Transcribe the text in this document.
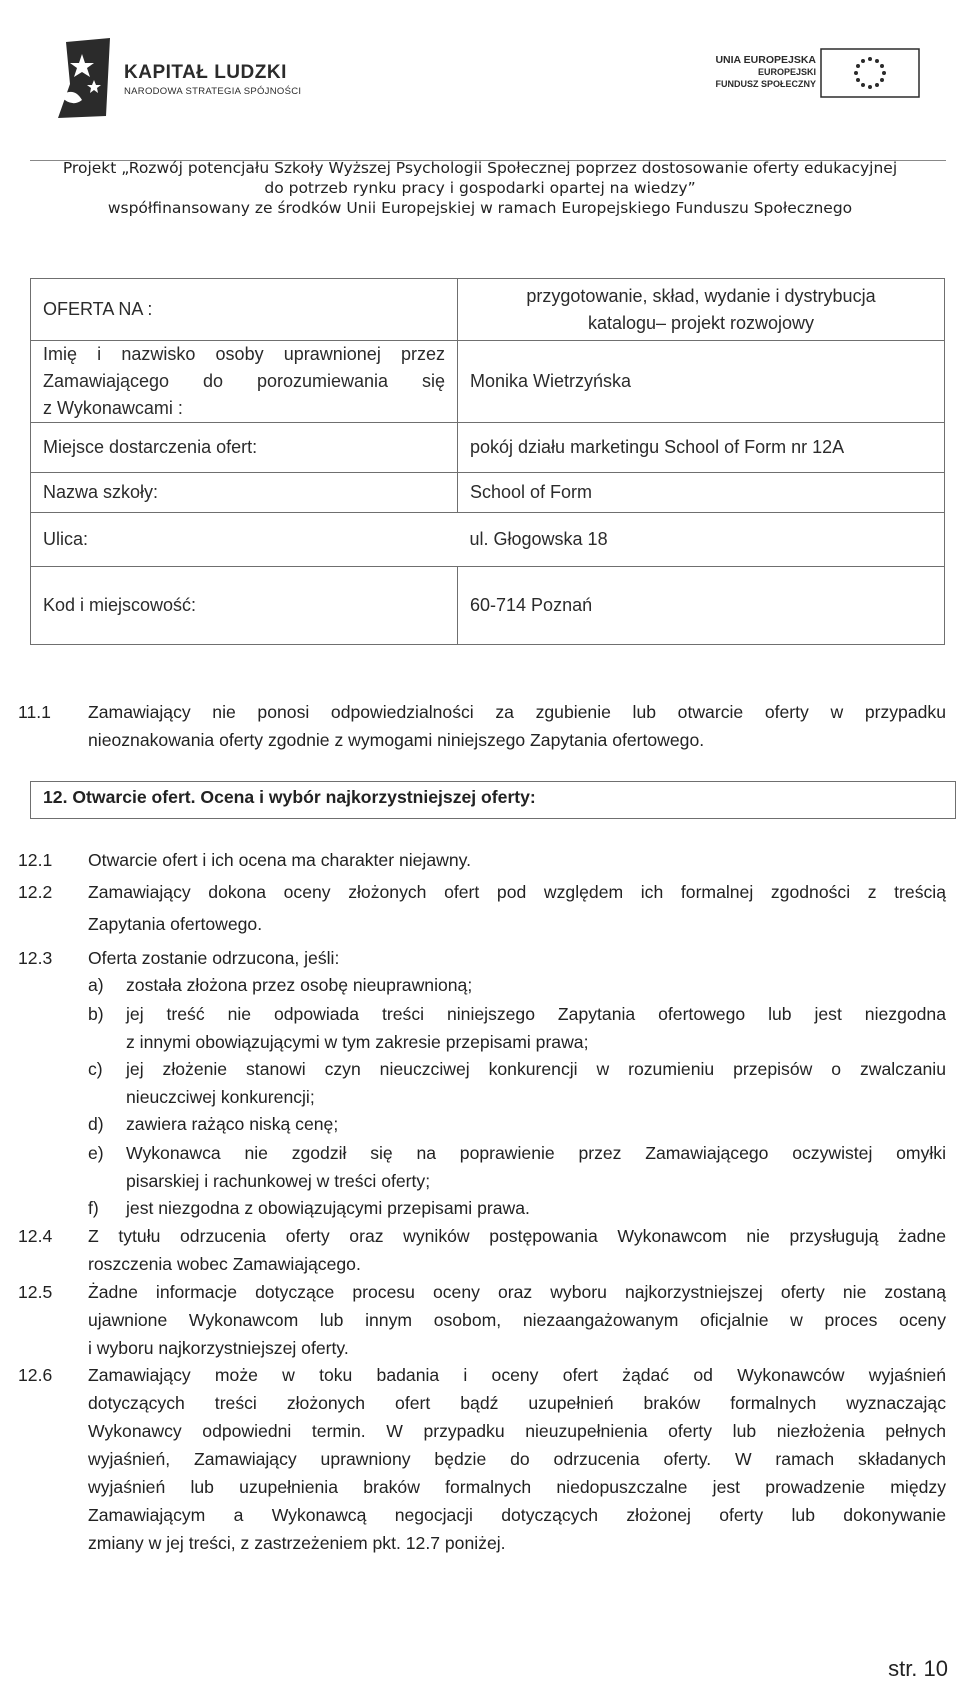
KAPITAŁ LUDZKI
NARODOWA STRATEGIA SPÓJNOŚCI
UNIA EUROPEJSKA
EUROPEJSKI
FUNDUSZ SPOŁECZNY
Projekt „Rozwój potencjału Szkoły Wyższej Psychologii Społecznej poprzez dostosowanie oferty edukacyjnej
do potrzeb rynku pracy i gospodarki opartej na wiedzy”
współfinansowany ze środków Unii Europejskiej w ramach Europejskiego Funduszu Społecznego
OFERTA NA :	przygotowanie, skład, wydanie i dystrybucja
katalogu– projekt rozwojowy

Imię i nazwisko osoby uprawnionej przez
Zamawiającego do porozumiewania się
z Wykonawcami :	Monika Wietrzyńska
Miejsce dostarczenia ofert:	pokój działu marketingu School of Form nr 12A
Nazwa szkoły:	School of Form
Ulica:	ul. Głogowska 18
Kod i miejscowość:	60-714 Poznań
11.1 Zamawiający nie ponosi odpowiedzialności za zgubienie lub otwarcie oferty w przypadku
nieoznakowania oferty zgodnie z wymogami niniejszego Zapytania ofertowego.
12. Otwarcie ofert. Ocena i wybór najkorzystniejszej oferty:
12.1 Otwarcie ofert i ich ocena ma charakter niejawny.
12.2 Zamawiający dokona oceny złożonych ofert pod względem ich formalnej zgodności z treścią
Zapytania ofertowego.
12.3 Oferta zostanie odrzucona, jeśli:
a) została złożona przez osobę nieuprawnioną;
b) jej treść nie odpowiada treści niniejszego Zapytania ofertowego lub jest niezgodna
z innymi obowiązującymi w tym zakresie przepisami prawa;
c) jej złożenie stanowi czyn nieuczciwej konkurencji w rozumieniu przepisów o zwalczaniu
nieuczciwej konkurencji;
d) zawiera rażąco niską cenę;
e) Wykonawca nie zgodził się na poprawienie przez Zamawiającego oczywistej omyłki
pisarskiej i rachunkowej w treści oferty;
f) jest niezgodna z obowiązującymi przepisami prawa.
12.4 Z tytułu odrzucenia oferty oraz wyników postępowania Wykonawcom nie przysługują żadne
roszczenia wobec Zamawiającego.
12.5 Żadne informacje dotyczące procesu oceny oraz wyboru najkorzystniejszej oferty nie zostaną
ujawnione Wykonawcom lub innym osobom, niezaangażowanym oficjalnie w proces oceny
i wyboru najkorzystniejszej oferty.
12.6 Zamawiający może w toku badania i oceny ofert żądać od Wykonawców wyjaśnień
dotyczących treści złożonych ofert bądź uzupełnień braków formalnych wyznaczając
Wykonawcy odpowiedni termin. W przypadku nieuzupełnienia oferty lub niezłożenia pełnych
wyjaśnień, Zamawiający uprawniony będzie do odrzucenia oferty. W ramach składanych
wyjaśnień lub uzupełnienia braków formalnych niedopuszczalne jest prowadzenie między
Zamawiającym a Wykonawcą negocjacji dotyczących złożonej oferty lub dokonywanie
zmiany w jej treści, z zastrzeżeniem pkt. 12.7 poniżej.
str. 10
